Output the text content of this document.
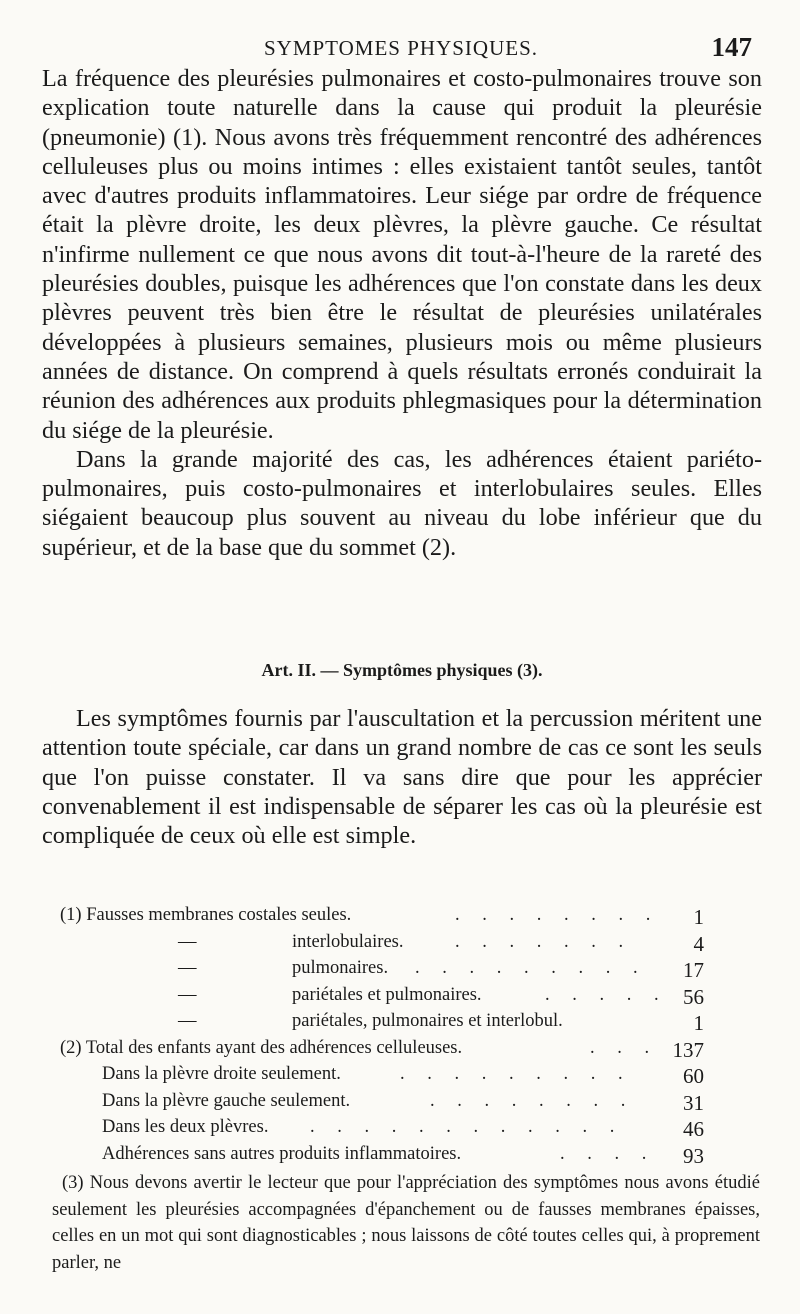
SYMPTOMES PHYSIQUES.	147

La fréquence des pleurésies pulmonaires et costo-pulmonaires trouve son explication toute naturelle dans la cause qui produit la pleurésie (pneumonie) (1). Nous avons très fréquemment rencontré des adhérences celluleuses plus ou moins intimes : elles existaient tantôt seules, tantôt avec d'autres produits inflammatoires. Leur siége par ordre de fréquence était la plèvre droite, les deux plèvres, la plèvre gauche. Ce résultat n'infirme nullement ce que nous avons dit tout-à-l'heure de la rareté des pleurésies doubles, puisque les adhérences que l'on constate dans les deux plèvres peuvent très bien être le résultat de pleurésies unilatérales développées à plusieurs semaines, plusieurs mois ou même plusieurs années de distance. On comprend à quels résultats erronés conduirait la réunion des adhérences aux produits phlegmasiques pour la détermination du siége de la pleurésie.

Dans la grande majorité des cas, les adhérences étaient pariéto-pulmonaires, puis costo-pulmonaires et interlobulaires seules. Elles siégaient beaucoup plus souvent au niveau du lobe inférieur que du supérieur, et de la base que du sommet (2).

Art. II. — Symptômes physiques (3).

Les symptômes fournis par l'auscultation et la percussion méritent une attention toute spéciale, car dans un grand nombre de cas ce sont les seuls que l'on puisse constater. Il va sans dire que pour les apprécier convenablement il est indispensable de séparer les cas où la pleurésie est compliquée de ceux où elle est simple.

(1) Fausses membranes costales seules.	. . . . . . . .	1
—	interlobulaires.	. . . . . . .	4
—	pulmonaires. . . . . . . . . .	17
—	pariétales et pulmonaires.	. . . . . 56
—	pariétales, pulmonaires et interlobul.	1
(2) Total des enfants ayant des adhérences celluleuses.	. . . 137
Dans la plèvre droite seulement.	. . . . . . . . .	60
Dans la plèvre gauche seulement.	. . . . . . . .	31
Dans les deux plèvres. . . . . . . . . . . . .	46
Adhérences sans autres produits inflammatoires.	. . . .	93

(3) Nous devons avertir le lecteur que pour l'appréciation des symptômes nous avons étudié seulement les pleurésies accompagnées d'épanchement ou de fausses membranes épaisses, celles en un mot qui sont diagnosticables ; nous laissons de côté toutes celles qui, à proprement parler, ne
